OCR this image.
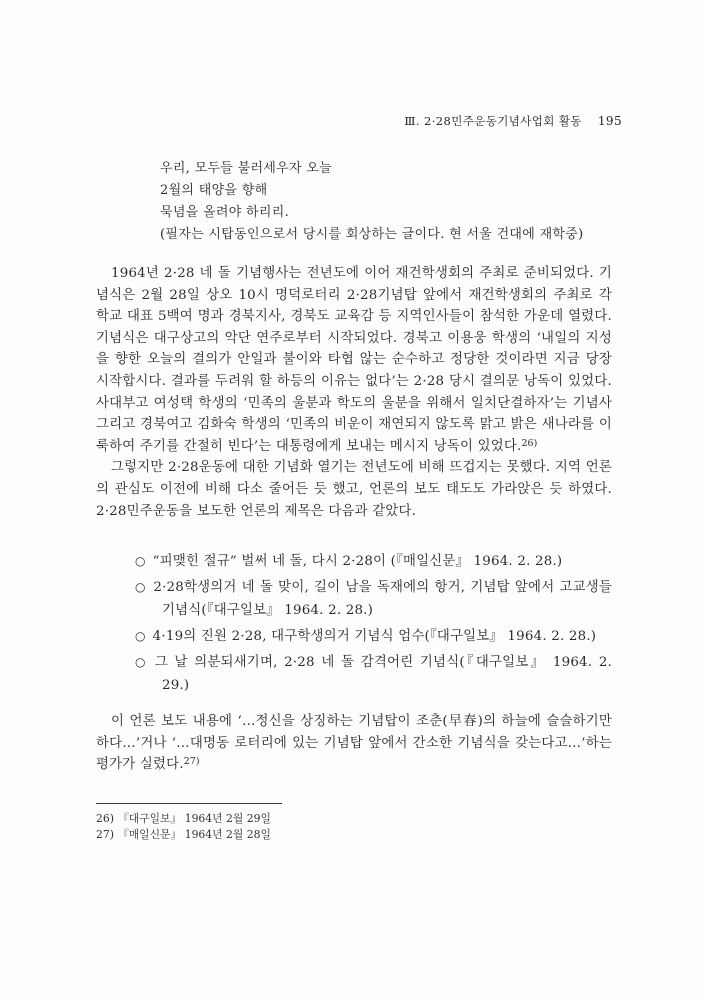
Ⅲ. 2·28민주운동기념사업회 활동 195
우리, 모두들 불러세우자 오늘
2월의 태양을 향해
묵념을 올려야 하리리.
(필자는 시탑동인으로서 당시를 회상하는 글이다. 현 서울 건대에 재학중)

1964년 2·28 네 돌 기념행사는 전년도에 이어 재건학생회의 주최로 준비되었다. 기념식은 2월 28일 상오 10시 명덕로터리 2·28기념탑 앞에서 재건학생회의 주최로 각 학교 대표 5백여 명과 경북지사, 경북도 교육감 등 지역인사들이 참석한 가운데 열렸다. 기념식은 대구상고의 악단 연주로부터 시작되었다. 경북고 이용웅 학생의 ‘내일의 지성을 향한 오늘의 결의가 안일과 불이와 타협 않는 순수하고 정당한 것이라면 지금 당장 시작합시다. 결과를 두려워 할 하등의 이유는 없다’는 2·28 당시 결의문 낭독이 있었다. 사대부고 여성택 학생의 ‘민족의 울분과 학도의 울분을 위해서 일치단결하자’는 기념사 그리고 경북여고 김화숙 학생의 ‘민족의 비운이 재연되지 않도록 맑고 밝은 새나라를 이룩하여 주기를 간절히 빈다’는 대통령에게 보내는 메시지 낭독이 있었다.$^{26)}$

그렇지만 2·28운동에 대한 기념화 열기는 전년도에 비해 뜨겁지는 못했다. 지역 언론의 관심도 이전에 비해 다소 줄어든 듯 했고, 언론의 보도 태도도 가라앉은 듯 하였다. 2·28민주운동을 보도한 언론의 제목은 다음과 같았다.

○ “피맺힌 절규” 벌써 네 돌, 다시 2·28이 (『매일신문』 1964. 2. 28.)
○ 2·28학생의거 네 돌 맞이, 길이 남을 독재에의 항거, 기념탑 앞에서 고교생들 기념식(『대구일보』 1964. 2. 28.)
○ 4·19의 진원 2·28, 대구학생의거 기념식 엄수(『대구일보』 1964. 2. 28.)
○ 그 날 의분되새기며, 2·28 네 돌 감격어린 기념식(『대구일보』 1964. 2. 29.)

이 언론 보도 내용에 ‘…정신을 상징하는 기념탑이 조춘(早春)의 하늘에 슬슬하기만 하다…’거나 ‘…대명동 로터리에 있는 기념탑 앞에서 간소한 기념식을 갖는다고…’하는 평가가 실렸다.$^{27)}$

26) 『대구일보』 1964년 2월 29일
27) 『매일신문』 1964년 2월 28일
